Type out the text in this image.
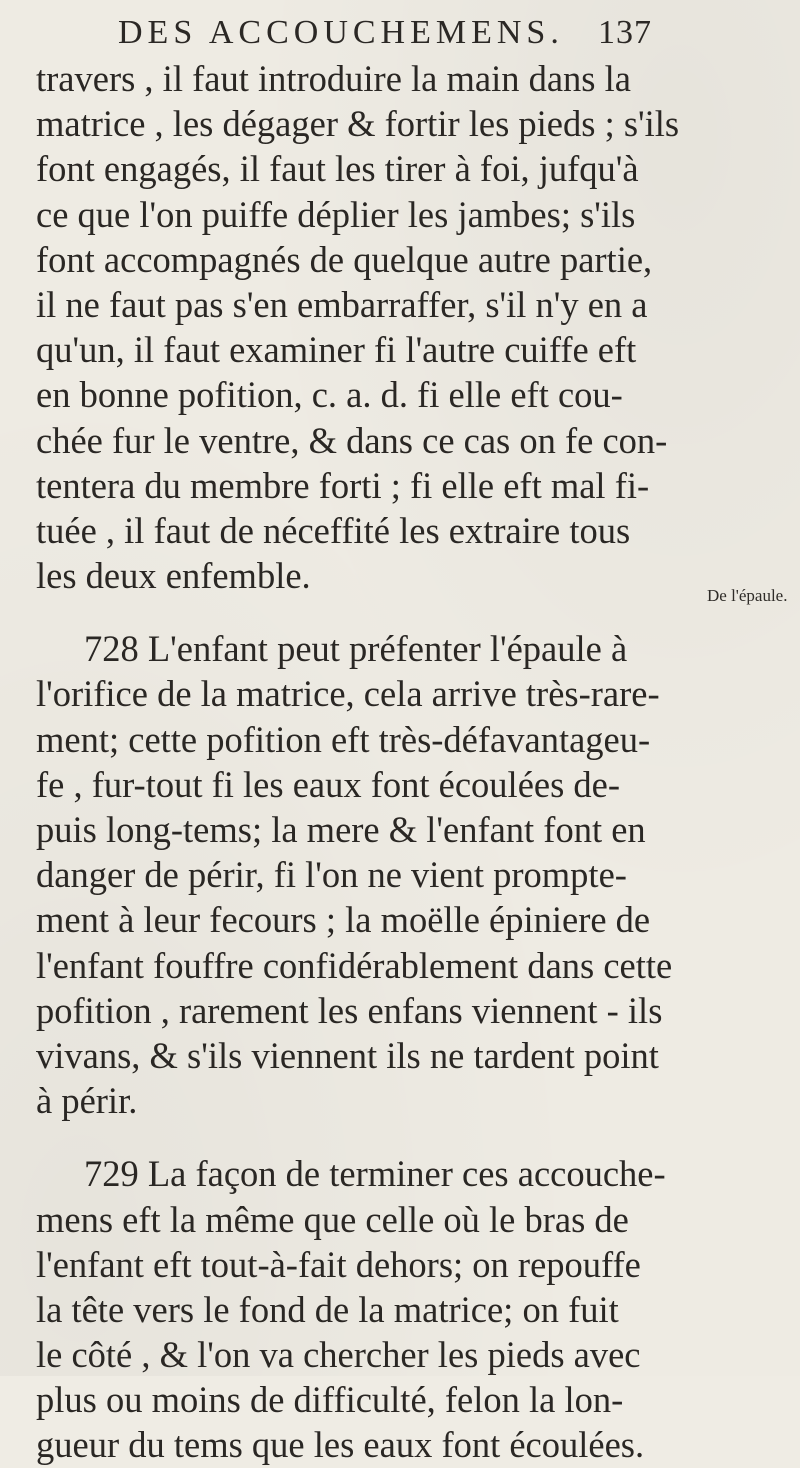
DES ACCOUCHEMENS. 137
travers , il faut introduire la main dans la
matrice , les dégager & fortir les pieds ; s'ils
font engagés, il faut les tirer à foi, jufqu'à
ce que l'on puiffe déplier les jambes; s'ils
font accompagnés de quelque autre partie,
il ne faut pas s'en embarraffer, s'il n'y en a
qu'un, il faut examiner fi l'autre cuiffe eft
en bonne pofition, c. a. d. fi elle eft cou-
chée fur le ventre, & dans ce cas on fe con-
tentera du membre forti ; fi elle eft mal fi-
tuée , il faut de néceffité les extraire tous
les deux enfemble.
728 L'enfant peut préfenter l'épaule à
l'orifice de la matrice, cela arrive très-rare-
ment; cette pofition eft très-défavantageu-
fe , fur-tout fi les eaux font écoulées de-
puis long-tems; la mere & l'enfant font en
danger de périr, fi l'on ne vient prompte-
ment à leur fecours ; la moëlle épiniere de
l'enfant fouffre confidérablement dans cette
pofition , rarement les enfans viennent - ils
vivans, & s'ils viennent ils ne tardent point
à périr.
729 La façon de terminer ces accouche-
mens eft la même que celle où le bras de
l'enfant eft tout-à-fait dehors; on repouffe
la tête vers le fond de la matrice; on fuit
le côté , & l'on va chercher les pieds avec
plus ou moins de difficulté, felon la lon-
gueur du tems que les eaux font écoulées.
De l'épaule.
